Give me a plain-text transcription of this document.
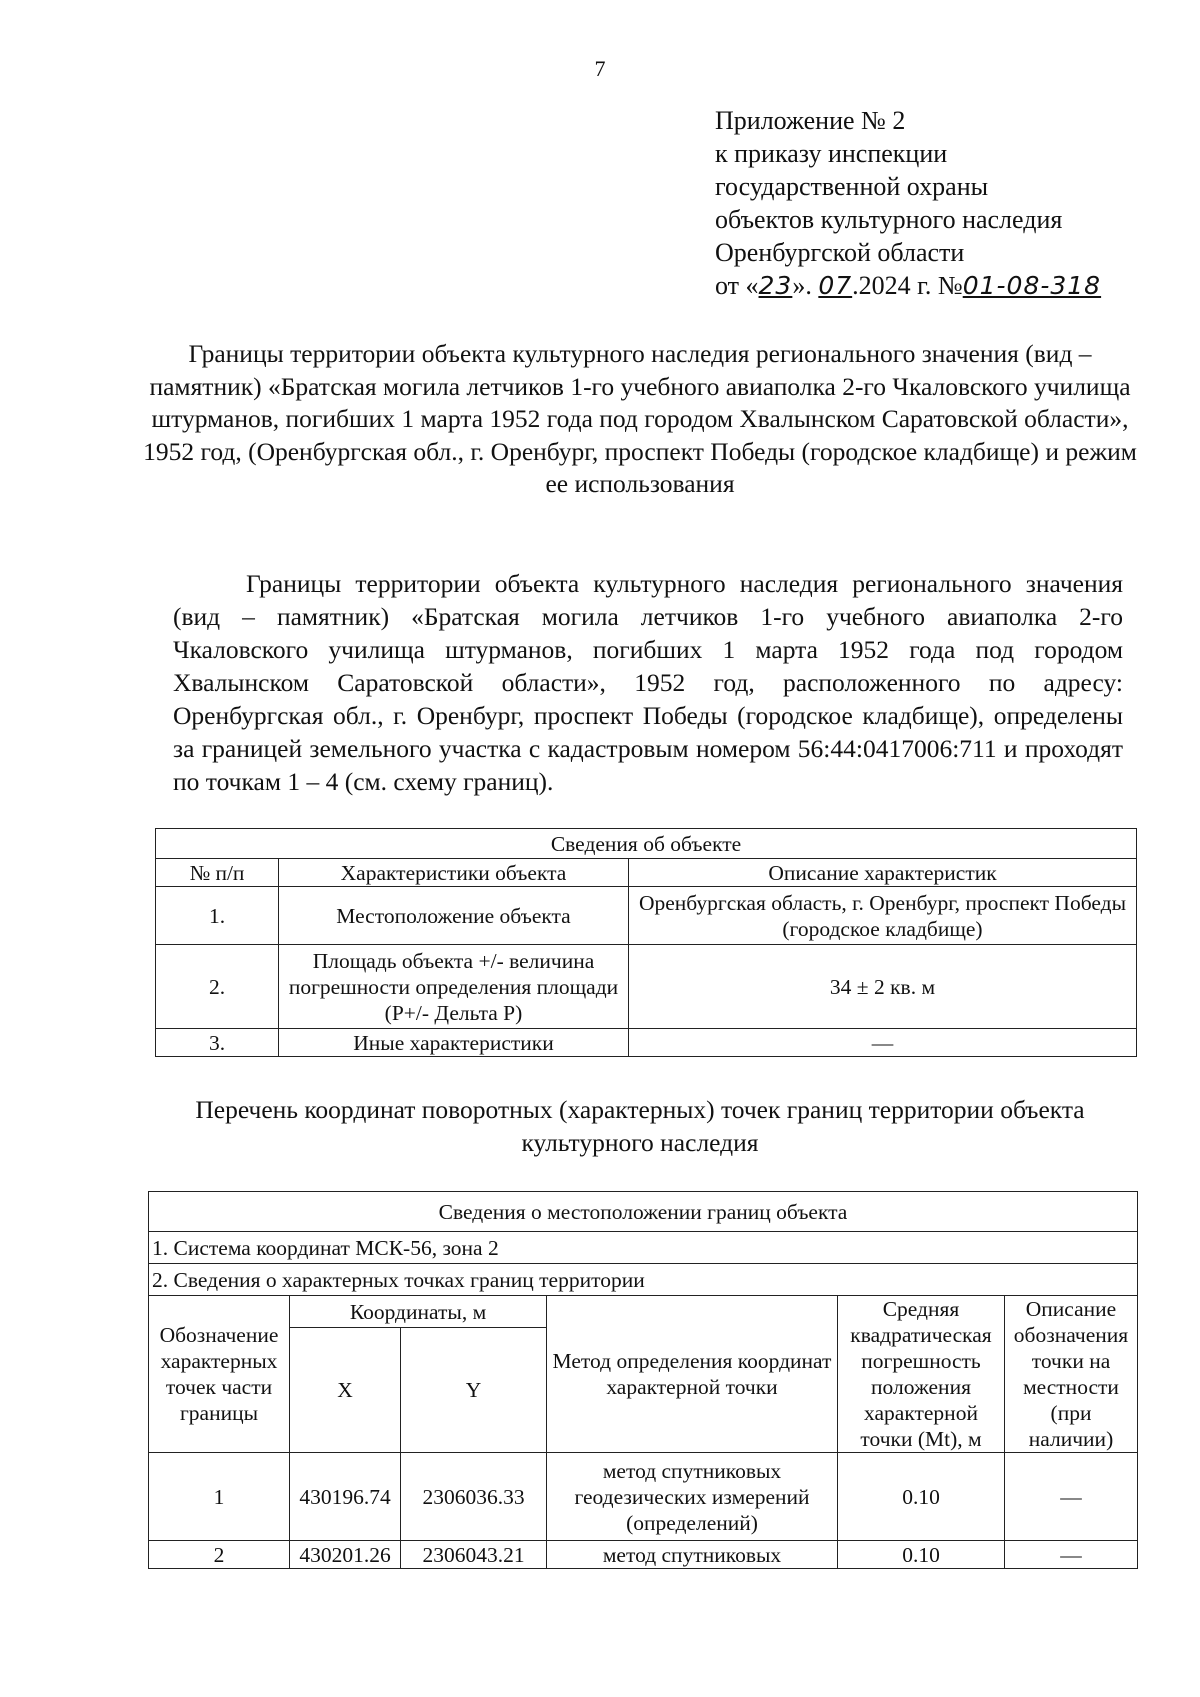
7
Приложение № 2
к приказу инспекции
государственной охраны
объектов культурного наследия
Оренбургской области
от «23». 07.2024 г. №01-08-318
Границы территории объекта культурного наследия регионального значения (вид – памятник) «Братская могила летчиков 1-го учебного авиаполка 2-го Чкаловского училища штурманов, погибших 1 марта 1952 года под городом Хвалынском Саратовской области», 1952 год, (Оренбургская обл., г. Оренбург, проспект Победы (городское кладбище) и режим ее использования
Границы территории объекта культурного наследия регионального значения (вид – памятник) «Братская могила летчиков 1-го учебного авиаполка 2-го Чкаловского училища штурманов, погибших 1 марта 1952 года под городом Хвалынском Саратовской области», 1952 год, расположенного по адресу: Оренбургская обл., г. Оренбург, проспект Победы (городское кладбище), определены за границей земельного участка с кадастровым номером 56:44:0417006:711 и проходят по точкам 1 – 4 (см. схему границ).
Сведения об объекте		
№ п/п	Характеристики объекта	Описание характеристик
1.	Местоположение объекта	Оренбургская область, г. Оренбург, проспект Победы (городское кладбище)
2.	Площадь объекта +/- величина погрешности определения площади (Р+/- Дельта Р)	34 ± 2 кв. м
3.	Иные характеристики	—
Перечень координат поворотных (характерных) точек границ территории объекта культурного наследия
Сведения о местоположении границ объекта					
1. Система координат МСК-56, зона 2					
2. Сведения о характерных точках границ территории					
Обозначение характерных точек части границы	Координаты, м		Метод определения координат характерной точки	Средняя квадратическая погрешность положения характерной точки (Mt), м	Описание обозначения точки на местности (при наличии)
	X	Y			
1	430196.74	2306036.33	метод спутниковых геодезических измерений (определений)	0.10	—
2	430201.26	2306043.21	метод спутниковых	0.10	—
